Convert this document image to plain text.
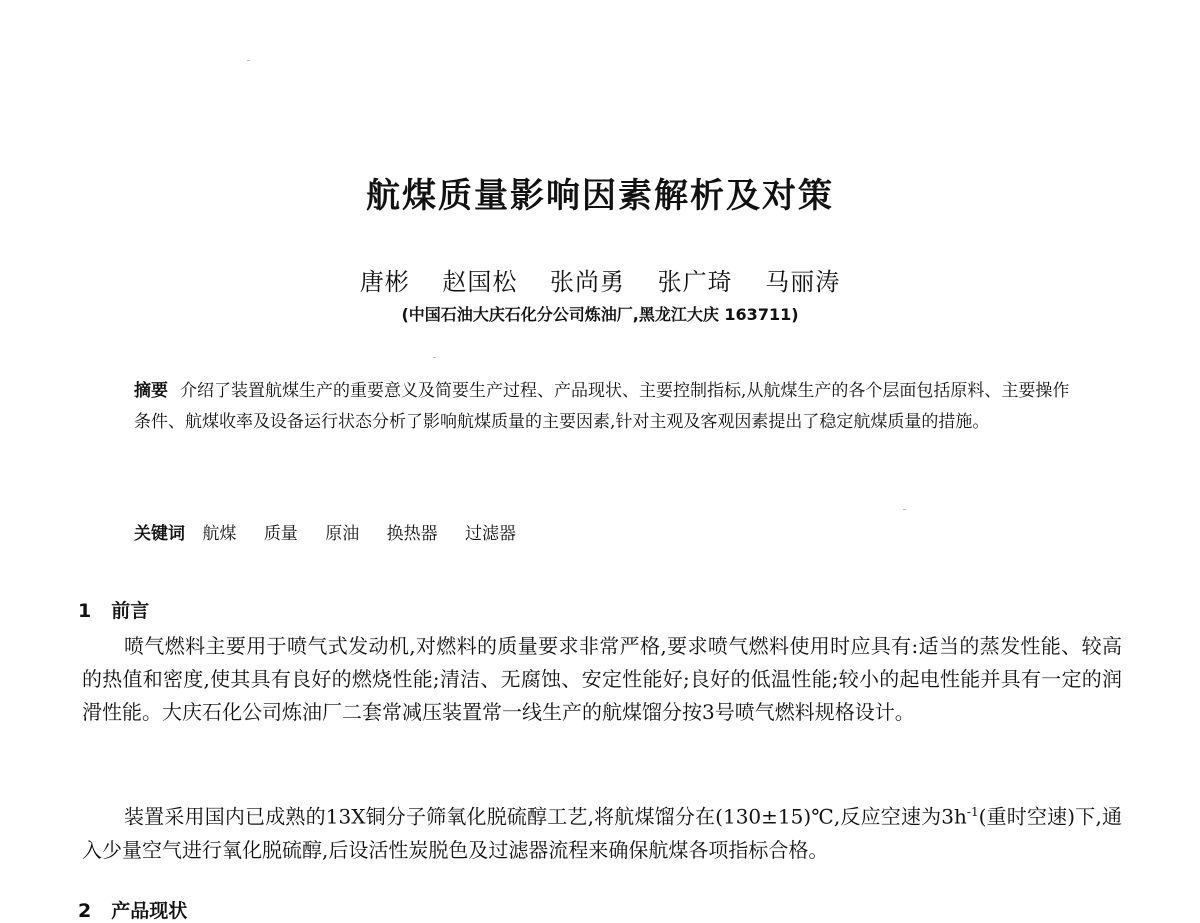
航煤质量影响因素解析及对策
唐彬 赵国松 张尚勇 张广琦 马丽涛
(中国石油大庆石化分公司炼油厂,黑龙江大庆 163711)
摘要 介绍了装置航煤生产的重要意义及简要生产过程、产品现状、主要控制指标,从航煤生产的各个层面包括原料、主要操作条件、航煤收率及设备运行状态分析了影响航煤质量的主要因素,针对主观及客观因素提出了稳定航煤质量的措施。
关键词 航煤 质量 原油 换热器 过滤器
1 前言

喷气燃料主要用于喷气式发动机,对燃料的质量要求非常严格,要求喷气燃料使用时应具有:适当的蒸发性能、较高的热值和密度,使其具有良好的燃烧性能;清洁、无腐蚀、安定性能好;良好的低温性能;较小的起电性能并具有一定的润滑性能。大庆石化公司炼油厂二套常减压装置常一线生产的航煤馏分按3号喷气燃料规格设计。

装置采用国内已成熟的13X铜分子筛氧化脱硫醇工艺,将航煤馏分在(130±15)℃,反应空速为$3h^{-1}$(重时空速)下,通入少量空气进行氧化脱硫醇,后设活性炭脱色及过滤器流程来确保航煤各项指标合格。

2 产品现状
